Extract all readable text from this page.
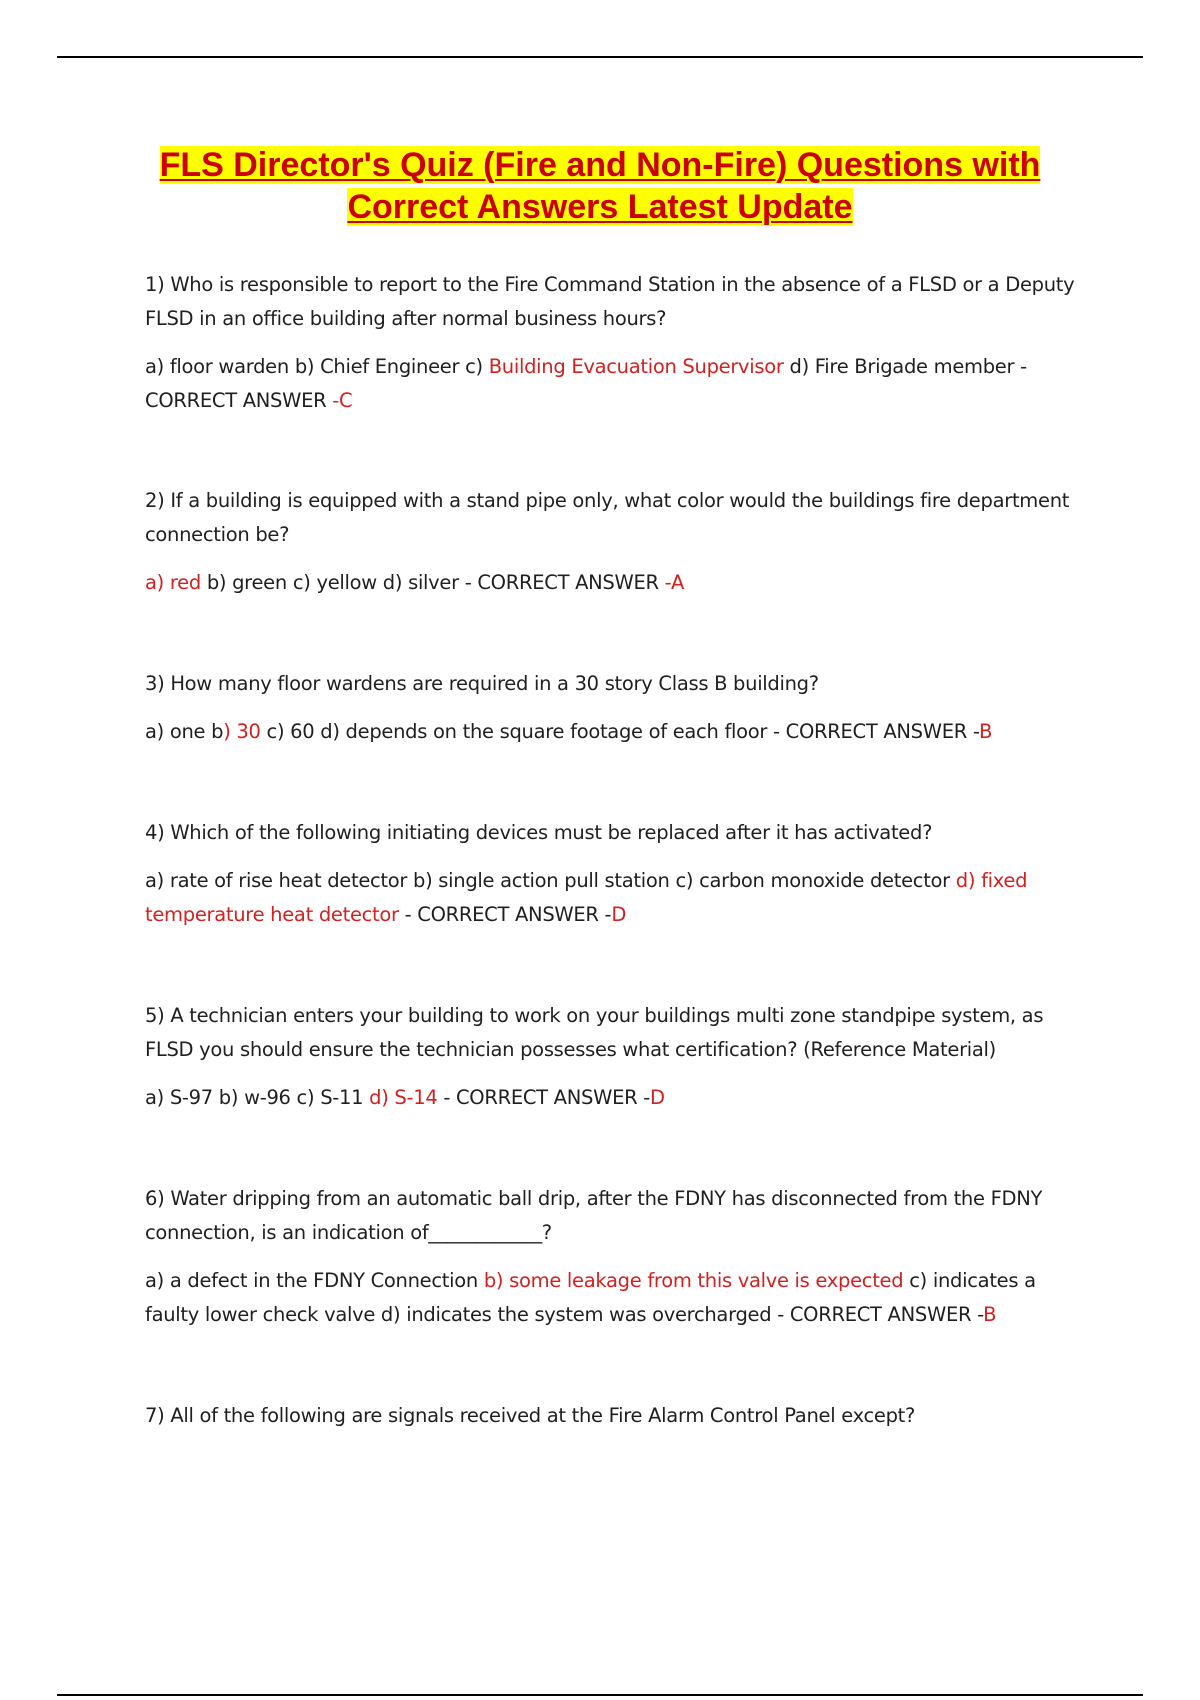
FLS Director's Quiz (Fire and Non-Fire) Questions with
Correct Answers Latest Update

1) Who is responsible to report to the Fire Command Station in the absence of a FLSD or a Deputy FLSD in an office building after normal business hours?

a) floor warden b) Chief Engineer c) Building Evacuation Supervisor d) Fire Brigade member - CORRECT ANSWER -C

2) If a building is equipped with a stand pipe only, what color would the buildings fire department connection be?

a) red b) green c) yellow d) silver - CORRECT ANSWER -A

3) How many floor wardens are required in a 30 story Class B building?

a) one b) 30 c) 60 d) depends on the square footage of each floor - CORRECT ANSWER -B

4) Which of the following initiating devices must be replaced after it has activated?

a) rate of rise heat detector b) single action pull station c) carbon monoxide detector d) fixed temperature heat detector - CORRECT ANSWER -D

5) A technician enters your building to work on your buildings multi zone standpipe system, as FLSD you should ensure the technician possesses what certification? (Reference Material)

a) S-97 b) w-96 c) S-11 d) S-14 - CORRECT ANSWER -D

6) Water dripping from an automatic ball drip, after the FDNY has disconnected from the FDNY connection, is an indication of____________?

a) a defect in the FDNY Connection b) some leakage from this valve is expected c) indicates a faulty lower check valve d) indicates the system was overcharged - CORRECT ANSWER -B

7) All of the following are signals received at the Fire Alarm Control Panel except?
